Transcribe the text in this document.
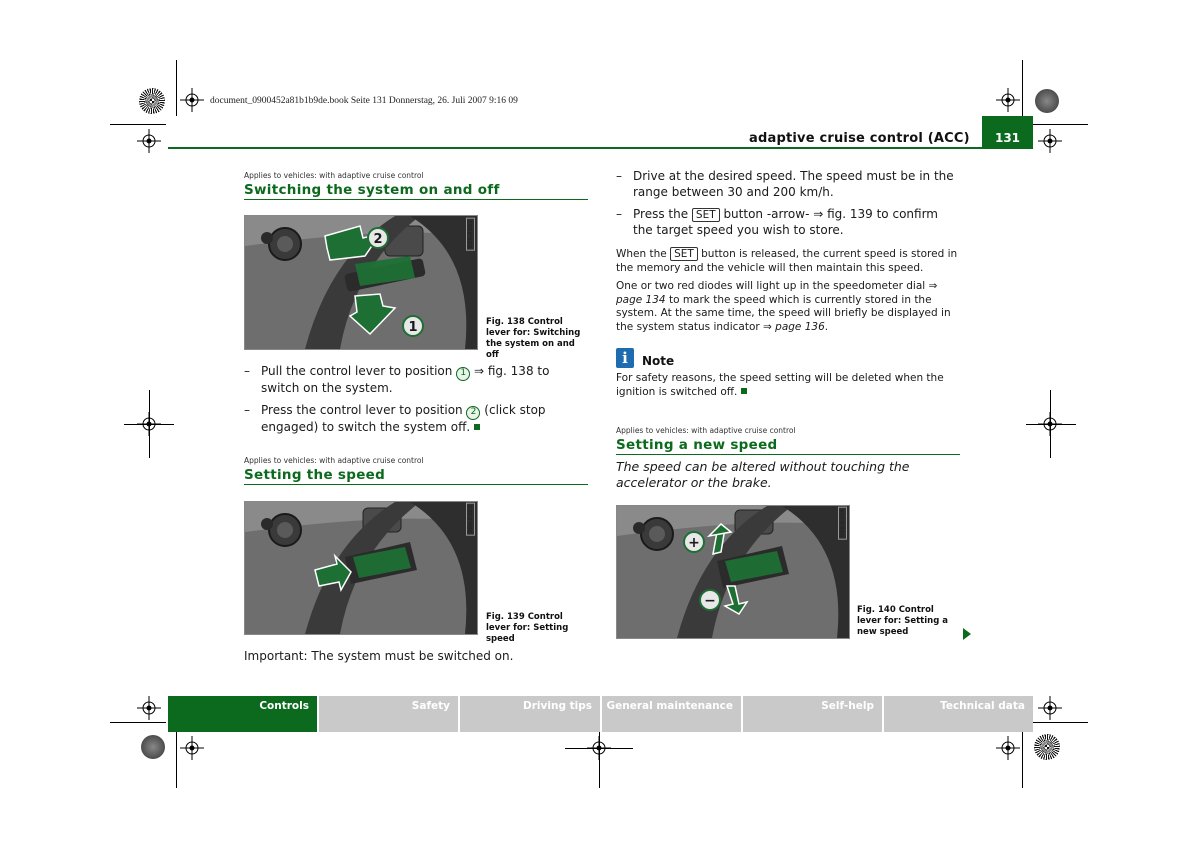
document_0900452a81b1b9de.book Seite 131 Donnerstag, 26. Juli 2007 9:16 09
adaptive cruise control (ACC)	131
Applies to vehicles: with adaptive cruise control
Switching the system on and off
2
1
B8K-0301
Fig. 138 Control lever for: Switching the system on and off
– Pull the control lever to position 1 ⇒ fig. 138 to switch on the system.
– Press the control lever to position 2 (click stop engaged) to switch the system off.
Applies to vehicles: with adaptive cruise control
Setting the speed
B8K-0303
Fig. 139 Control lever for: Setting speed
Important: The system must be switched on.
– Drive at the desired speed. The speed must be in the range between 30 and 200 km/h.
– Press the SET button -arrow- ⇒ fig. 139 to confirm the target speed you wish to store.
When the SET button is released, the current speed is stored in the memory and the vehicle will then maintain this speed.
One or two red diodes will light up in the speedometer dial ⇒ page 134 to mark the speed which is currently stored in the system. At the same time, the speed will briefly be displayed in the system status indicator ⇒ page 136.
i	Note
For safety reasons, the speed setting will be deleted when the ignition is switched off.
Applies to vehicles: with adaptive cruise control
Setting a new speed
The speed can be altered without touching the accelerator or the brake.
+
−
B8K-0304
Fig. 140 Control lever for: Setting a new speed
Controls	Safety	Driving tips	General maintenance	Self-help	Technical data
